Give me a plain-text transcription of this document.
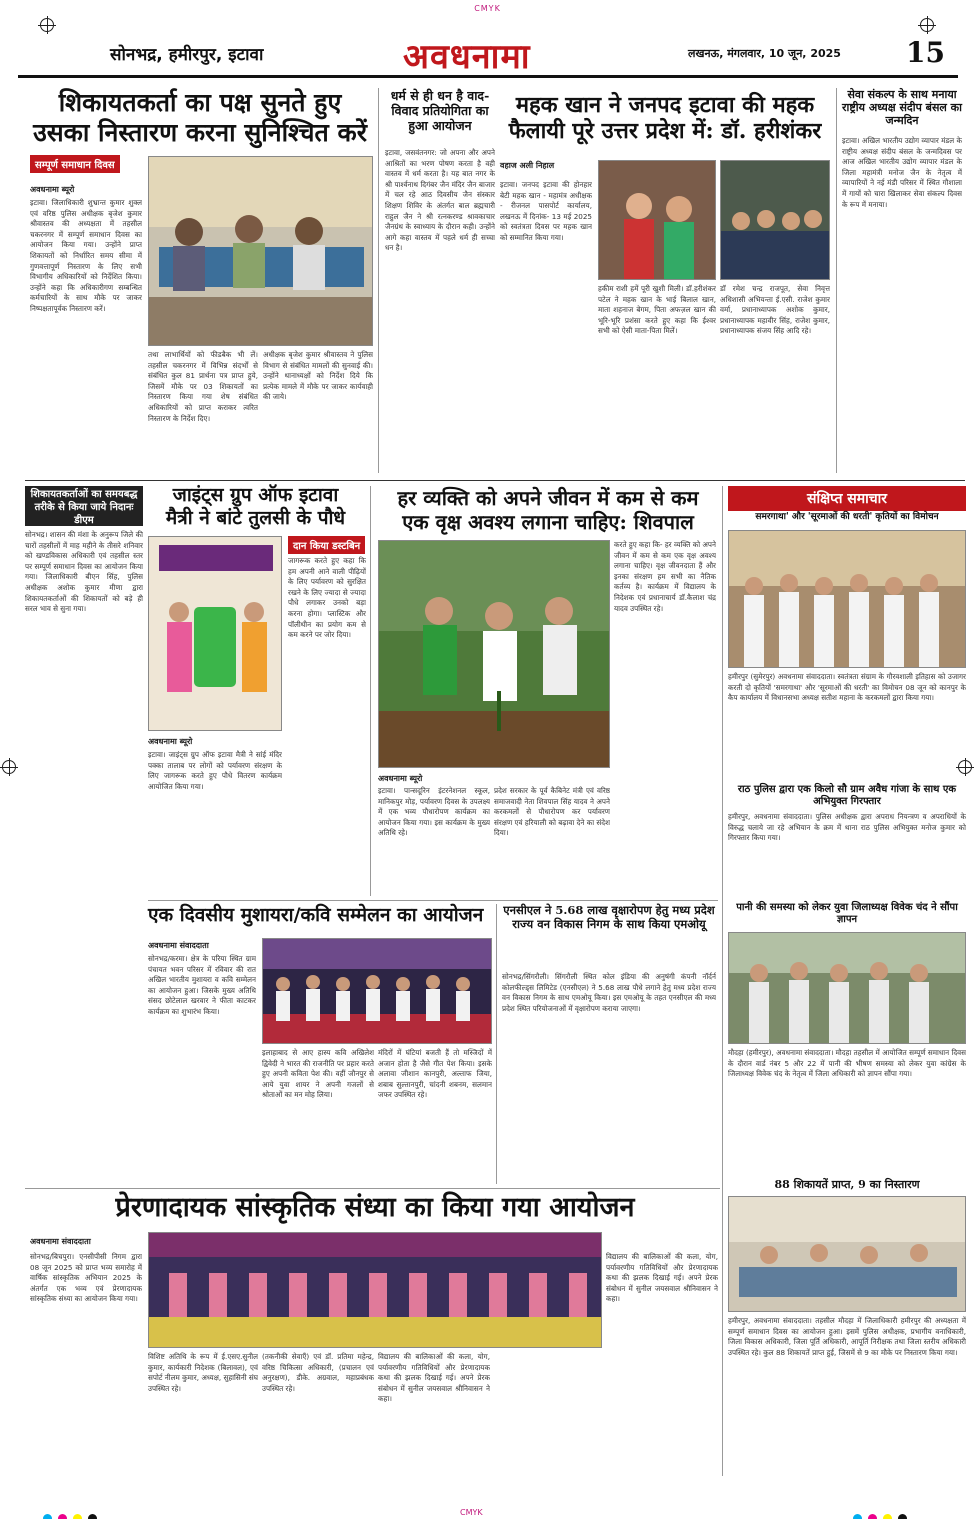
CMYK
सोनभद्र, हमीरपुर, इटावा	अवधनामा	लखनऊ, मंगलवार, 10 जून, 2025 15
शिकायतकर्ता का पक्ष सुनते हुए
उसका निस्तारण करना सुनिश्चित करें
सम्पूर्ण समाधान दिवस
अवधनामा ब्यूरो
इटावा। जिलाधिकारी शुभ्रान्त कुमार शुक्ल एवं वरिष्ठ पुलिस अधीक्षक बृजेश कुमार श्रीवास्तव की अध्यक्षता में तहसील चकरनगर में सम्पूर्ण समाधान दिवस का आयोजन किया गया। उन्होंने प्राप्त शिकायतों को निर्धारित समय सीमा में गुणवत्तापूर्ण निस्तारण के लिए सभी विभागीय अधिकारियों को निर्देशित किया। उन्होंने कहा कि अधिकारीगण सम्बन्धित कर्मचारियों के साथ मौके पर जाकर निष्पक्षतापूर्वक निस्तारण करें।
तथा लाभार्थियों को फीडबैक भी लें। तहसील चकरनगर में विभिन्न संदर्भों से संबंधित कुल 81 प्रार्थना पत्र प्राप्त हुये, जिसमें मौके पर 03 शिकायतों का निस्तारण किया गया शेष संबंधित अधिकारियों को प्राप्त कराकर त्वरित निस्तारण के निर्देश दिए।
अधीक्षक बृजेश कुमार श्रीवास्तव ने पुलिस विभाग से संबंधित मामलों की सुनवाई की। उन्होंने थानाध्यक्षों को निर्देश दिये कि प्रत्येक मामले में मौके पर जाकर कार्यवाही की जाये।
धर्म से ही धन है वाद-विवाद प्रतियोगिता का हुआ आयोजन
इटावा, जसवंतनगर: जो अपना और अपने आश्रितों का भरण पोषण करता है वही वास्तव में धर्म करता है। यह बात नगर के श्री पार्श्वनाथ दिगंबर जैन मंदिर जैन बाजार में चल रहे आठ दिवसीय जैन संस्कार शिक्षण शिविर के अंतर्गत बाल ब्रह्मचारी राहुल जैन ने श्री रत्नकरण्ड श्रावकाचार जैनग्रंथ के स्वाध्याय के दौरान कही। उन्होंने आगे कहा वास्तव में पहले धर्म ही सच्चा धन है।
महक खान ने जनपद इटावा की महक
फैलायी पूरे उत्तर प्रदेश में: डॉ. हरीशंकर
वहाज अली निहाल
इटावा। जनपद इटावा की होनहार बेटी महक खान - महामंत्र अधीक्षक - रीजनल पासपोर्ट कार्यालय, लखनऊ में दिनांक- 13 मई 2025 को स्वतंत्रता दिवस पर महक खान को सम्मानित किया गया।
हकीम राशी हमें पूरी खुशी मिली। डॉ.हरीशंकर पटेल ने महक खान के भाई बिलाल खान, माता शहनाज बेगम, पिता अफज़ल खान की भूरि-भूरि प्रशंसा करते हुए कहा कि ईश्वर सभी को ऐसी माता-पिता मिलें।
डॉ रमेश चन्द्र राजपूत, सेवा निवृत्त अधिशासी अभियन्ता ई.एसी. राजेश कुमार वर्मा, प्रधानाध्यापक अशोक कुमार, प्रधानाध्यापक महावीर सिंह, राजेश कुमार, प्रधानाध्यापक संजय सिंह आदि रहे।
सेवा संकल्प के साथ मनाया राष्ट्रीय अध्यक्ष संदीप बंसल का जन्मदिन
इटावा। अखिल भारतीय उद्योग व्यापार मंडल के राष्ट्रीय अध्यक्ष संदीप बंसल के जन्मदिवस पर आज अखिल भारतीय उद्योग व्यापार मंडल के जिला महामंत्री मनोज जैन के नेतृत्व में व्यापारियों ने नई मंडी परिसर में स्थित गौशाला में गायों को चारा खिलाकर सेवा संकल्प दिवस के रूप में मनाया।
शिकायतकर्ताओं का समयबद्ध तरीके से किया जाये निदानः डीएम
सोनभद्र। शासन की मंशा के अनुरूप जिले की चारों तहसीलों में माह महीने के तीसरे शनिवार को खण्डविकास अधिकारी एवं तहसील स्तर पर सम्पूर्ण समाधान दिवस का आयोजन किया गया। जिलाधिकारी बीएन सिंह, पुलिस अधीक्षक अशोक कुमार मीणा द्वारा शिकायतकर्ताओं की शिकायतों को बड़े ही सरल भाव से सुना गया।
जाइंट्स ग्रुप ऑफ इटावा
मैत्री ने बांटे तुलसी के पौधे
दान किया डस्टबिन
जागरूक करते हुए कहा कि हम अपनी आने वाली पीढ़ियों के लिए पर्यावरण को सुरक्षित रखने के लिए ज्यादा से ज्यादा पौधे लगाकर उनको बड़ा करना होगा। प्लास्टिक और पॉलीथीन का प्रयोग कम से कम करने पर जोर दिया।
अवधनामा ब्यूरो
इटावा। जाइंट्स ग्रुप ऑफ इटावा मैत्री ने सांई मंदिर पक्का तालाब पर लोगों को पर्यावरण संरक्षण के लिए जागरूक करते हुए पौधे वितरण कार्यक्रम आयोजित किया गया।
हर व्यक्ति को अपने जीवन में कम से कम
एक वृक्ष अवश्य लगाना चाहिए: शिवपाल
करते हुए कहा कि- हर व्यक्ति को अपने जीवन में कम से कम एक वृक्ष अवश्य लगाना चाहिए। वृक्ष जीवनदाता हैं और इनका संरक्षण हम सभी का नैतिक कर्तव्य है। कार्यक्रम में विद्यालय के निदेशक एवं प्रधानाचार्य डॉ.कैलाश चंद्र यादव उपस्थित रहे।
अवधनामा ब्यूरो
इटावा। पान्सदूरिन इंटरनेशनल स्कूल, मानिकपुर मोड़, पर्यावरण दिवस के उपलक्ष्य में एक भव्य पौधारोपण कार्यक्रम का आयोजन किया गया। इस कार्यक्रम के मुख्य अतिथि रहे।
प्रदेश सरकार के पूर्व कैबिनेट मंत्री एवं वरिष्ठ समाजवादी नेता शिवपाल सिंह यादव ने अपने करकमलों से पौधारोपण कर पर्यावरण संरक्षण एवं हरियाली को बढ़ावा देने का संदेश दिया।
संक्षिप्त समाचार
समरगाथा' और 'सूरमाओं की धरती' कृतियों का विमोचन
हमीरपुर (सुमेरपुर) अवधनामा संवाददाता। स्वतंत्रता संग्राम के गौरवशाली इतिहास को उजागर करती दो कृतियों 'समरगाथा' और 'सूरमाओं की धरती' का विमोचन 08 जून को कानपुर के कैप कार्यालय में विधानसभा अध्यक्ष सतीश महाना के करकमलों द्वारा किया गया।
राठ पुलिस द्वारा एक किलो सौ ग्राम अवैध गांजा के साथ एक अभियुक्त गिरफ्तार
हमीरपुर, अवधनामा संवाददाता। पुलिस अधीक्षक द्वारा अपराध नियन्त्रण व अपराधियों के विरुद्ध चलाये जा रहे अभियान के क्रम में थाना राठ पुलिस अभियुक्त मनोज कुमार को गिरफ्तार किया गया।
पानी की समस्या को लेकर युवा जिलाध्यक्ष विवेक चंद ने सौंपा ज्ञापन
मौदहा (हमीरपुर), अवधनामा संवाददाता। मौदहा तहसील में आयोजित सम्पूर्ण समाधान दिवस के दौरान वार्ड नंबर 5 और 22 में पानी की भीषण समस्या को लेकर युवा कांग्रेस के जिलाध्यक्ष विवेक चंद के नेतृत्व में जिला अधिकारी को ज्ञापन सौंपा गया।
88 शिकायतें प्राप्त, 9 का निस्तारण
हमीरपुर, अवधनामा संवाददाता। तहसील मौदहा में जिलाधिकारी हमीरपुर की अध्यक्षता में सम्पूर्ण समाधान दिवस का आयोजन हुआ। इसमें पुलिस अधीक्षक, प्रभागीय वनाधिकारी, जिला विकास अधिकारी, जिला पूर्ति अधिकारी, आपूर्ति निरीक्षक तथा जिला स्तरीय अधिकारी उपस्थित रहे। कुल 88 शिकायतें प्राप्त हुई, जिसमें से 9 का मौके पर निस्तारण किया गया।
एक दिवसीय मुशायरा/कवि सम्मेलन का आयोजन
अवधनामा संवाददाता
सोनभद्र/करमा। क्षेत्र के परिया स्थित ग्राम पंचायत भवन परिसर में रविवार की रात अखिल भारतीय मुशायरा व कवि सम्मेलन का आयोजन हुआ। जिसके मुख्य अतिथि संसद छोटेलाल खरवार ने फीता काटकर कार्यक्रम का शुभारंभ किया।
इलाहाबाद से आए हास्य कवि अखिलेश द्विवेदी ने भारत की राजनीति पर प्रहार करते हुए अपनी कविता पेश की। वहीं जौनपुर से आये युवा शायर ने अपनी गजलों से श्रोताओं का मन मोह लिया।
मंदिरों में घंटियां बजती हैं तो मस्जिदों में अजान होता है जैसे गीत पेश किया। इसके अलावा जीशान कानपुरी, अल्ताफ जिया, शबाब सुल्तानपुरी, चांदनी शबनम, सलमान जफर उपस्थित रहे।
एनसीएल ने 5.68 लाख वृक्षारोपण हेतु मध्य प्रदेश राज्य वन विकास निगम के साथ किया एमओयू
सोनभद्र/सिंगरौली। सिंगरौली स्थित कोल इंडिया की अनुषंगी कंपनी नॉर्दर्न कोलफील्ड्स लिमिटेड (एनसीएल) ने 5.68 लाख पौधे लगाने हेतु मध्य प्रदेश राज्य वन विकास निगम के साथ एमओयू किया। इस एमओयू के तहत एनसीएल की मध्य प्रदेश स्थित परियोजनाओं में वृक्षारोपण कराया जाएगा।
प्रेरणादायक सांस्कृतिक संध्या का किया गया आयोजन
अवधनामा संवाददाता
सोनभद्र/बिचपुरा। एनसीपीसी निगम द्वारा 08 जून 2025 को प्राप्त भव्य समारोह में वार्षिक सांस्कृतिक अभियान 2025 के अंतर्गत एक भव्य एवं प्रेरणादायक सांस्कृतिक संध्या का आयोजन किया गया।
विशिष्ट अतिथि के रूप में ई.एसए.सुनील कुमार, कार्यकारी निदेशक (बिलावल), एवं सपोर्ट नीलम कुमार, अध्यक्ष, सुहासिनी संघ उपस्थित रहे।
(तकनीकी सेवाएँ) एवं डॉ. प्रतिमा महेन्द्र, वरिष्ठ चिकित्सा अधिकारी, (प्रचालन एवं अनुरक्षण), डीके. अग्रवाल, महाप्रबंधक उपस्थित रहे।
विद्यालय की बालिकाओं की कला, योग, पर्यावरणीय गतिविधियों और प्रेरणादायक कथा की झलक दिखाई गई। अपने प्रेरक संबोधन में सुनील जयसवाल श्रीनिवासन ने कहा।
विद्यालय की बालिकाओं की कला, योग, पर्यावरणीय गतिविधियों और प्रेरणादायक कथा की झलक दिखाई गई। अपने प्रेरक संबोधन में सुनील जयसवाल श्रीनिवासन ने कहा।
CMYK
